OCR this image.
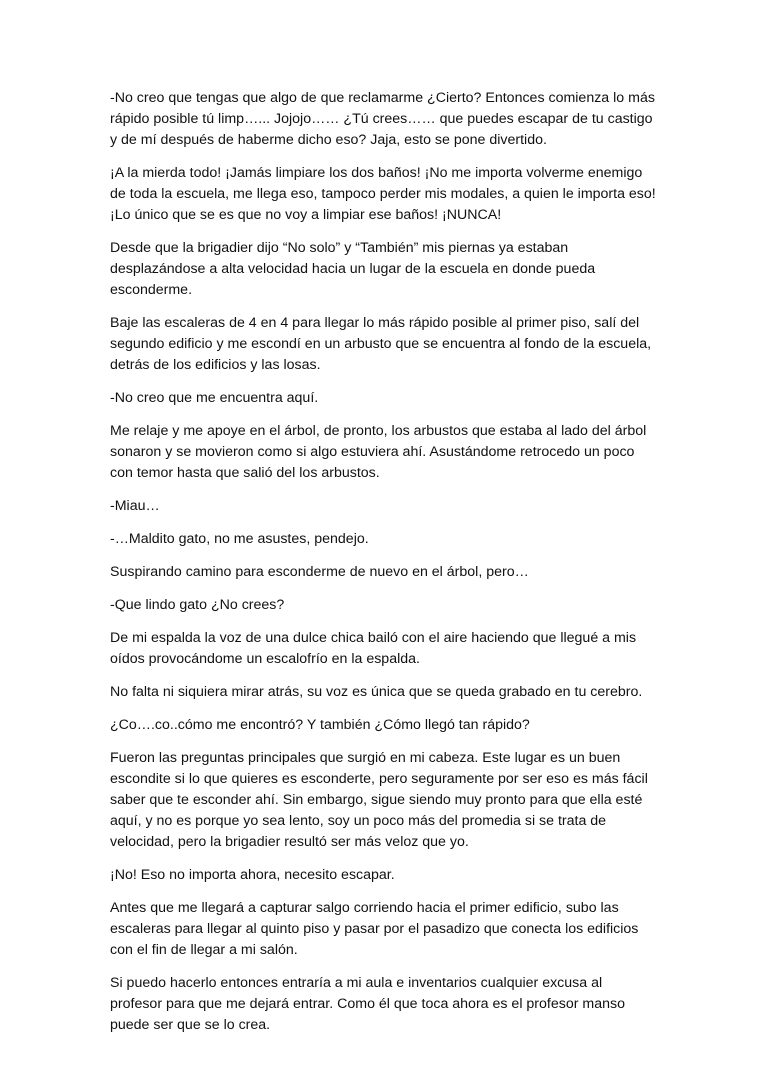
-No creo que tengas que algo de que reclamarme ¿Cierto? Entonces comienza lo más rápido posible tú limp…... Jojojo…… ¿Tú crees…… que puedes escapar de tu castigo y de mí después de haberme dicho eso? Jaja, esto se pone divertido.

¡A la mierda todo! ¡Jamás limpiare los dos baños! ¡No me importa volverme enemigo de toda la escuela, me llega eso, tampoco perder mis modales, a quien le importa eso! ¡Lo único que se es que no voy a limpiar ese baños! ¡NUNCA!

Desde que la brigadier dijo “No solo” y “También” mis piernas ya estaban desplazándose a alta velocidad hacia un lugar de la escuela en donde pueda esconderme.

Baje las escaleras de 4 en 4 para llegar lo más rápido posible al primer piso, salí del segundo edificio y me escondí en un arbusto que se encuentra al fondo de la escuela, detrás de los edificios y las losas.

-No creo que me encuentra aquí.

Me relaje y me apoye en el árbol, de pronto, los arbustos que estaba al lado del árbol sonaron y se movieron como si algo estuviera ahí. Asustándome retrocedo un poco con temor hasta que salió del los arbustos.

-Miau…

-…Maldito gato, no me asustes, pendejo.

Suspirando camino para esconderme de nuevo en el árbol, pero…

-Que lindo gato ¿No crees?

De mi espalda la voz de una dulce chica bailó con el aire haciendo que llegué a mis oídos provocándome un escalofrío en la espalda.

No falta ni siquiera mirar atrás, su voz es única que se queda grabado en tu cerebro.

¿Co….co..cómo me encontró? Y también ¿Cómo llegó tan rápido?

Fueron las preguntas principales que surgió en mi cabeza. Este lugar es un buen escondite si lo que quieres es esconderte, pero seguramente por ser eso es más fácil saber que te esconder ahí. Sin embargo, sigue siendo muy pronto para que ella esté aquí, y no es porque yo sea lento, soy un poco más del promedia si se trata de velocidad, pero la brigadier resultó ser más veloz que yo.

¡No! Eso no importa ahora, necesito escapar.

Antes que me llegará a capturar salgo corriendo hacia el primer edificio, subo las escaleras para llegar al quinto piso y pasar por el pasadizo que conecta los edificios con el fin de llegar a mi salón.

Si puedo hacerlo entonces entraría a mi aula e inventarios cualquier excusa al profesor para que me dejará entrar. Como él que toca ahora es el profesor manso puede ser que se lo crea.
